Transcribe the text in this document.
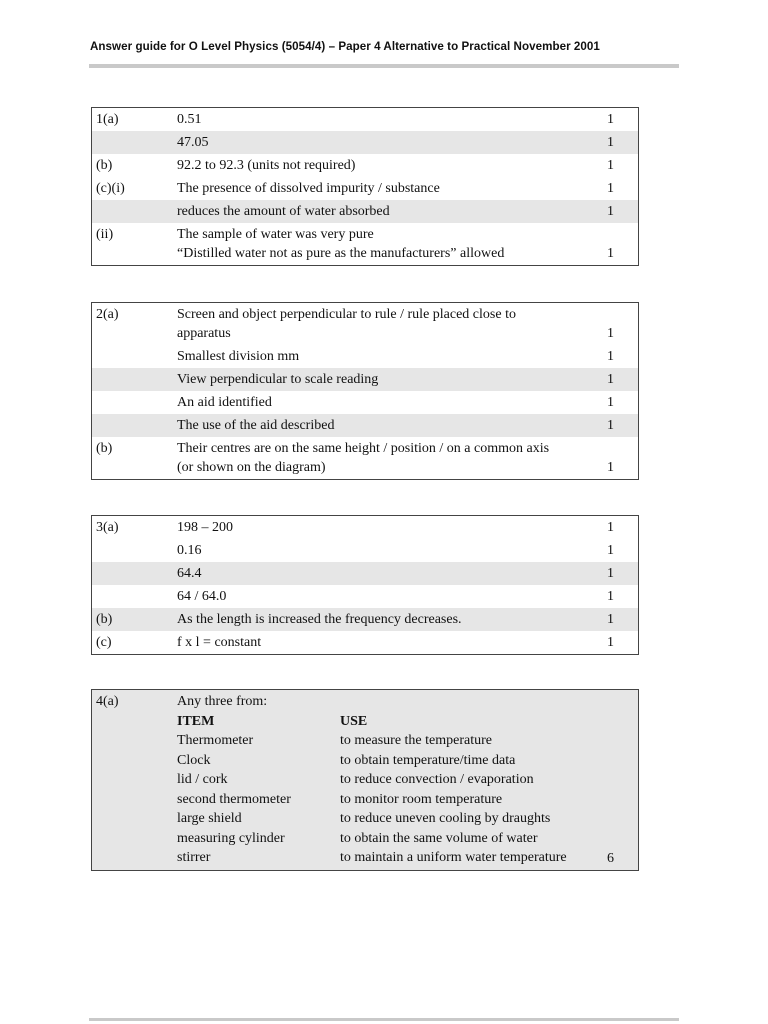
Answer guide for O Level Physics (5054/4) – Paper 4 Alternative to Practical November 2001
1(a)	0.51	1
47.05	1
(b)	92.2 to 92.3 (units not required)	1
(c)(i)	The presence of dissolved impurity / substance	1
reduces the amount of water absorbed	1
(ii)	The sample of water was very pure
“Distilled water not as pure as the manufacturers” allowed	1
2(a)	Screen and object perpendicular to rule / rule placed close to
apparatus	1
Smallest division mm	1
View perpendicular to scale reading	1
An aid identified	1
The use of the aid described	1
(b)	Their centres are on the same height / position / on a common axis
(or shown on the diagram)	1
3(a)	198 – 200	1
0.16	1
64.4	1
64 / 64.0	1
(b)	As the length is increased the frequency decreases.	1
(c)	f x l = constant	1
4(a)	Any three from:
ITEM	USE
Thermometer	to measure the temperature
Clock	to obtain temperature/time data
lid / cork	to reduce convection / evaporation
second thermometer	to monitor room temperature
large shield	to reduce uneven cooling by draughts
measuring cylinder	to obtain the same volume of water
stirrer	to maintain a uniform water temperature	6
